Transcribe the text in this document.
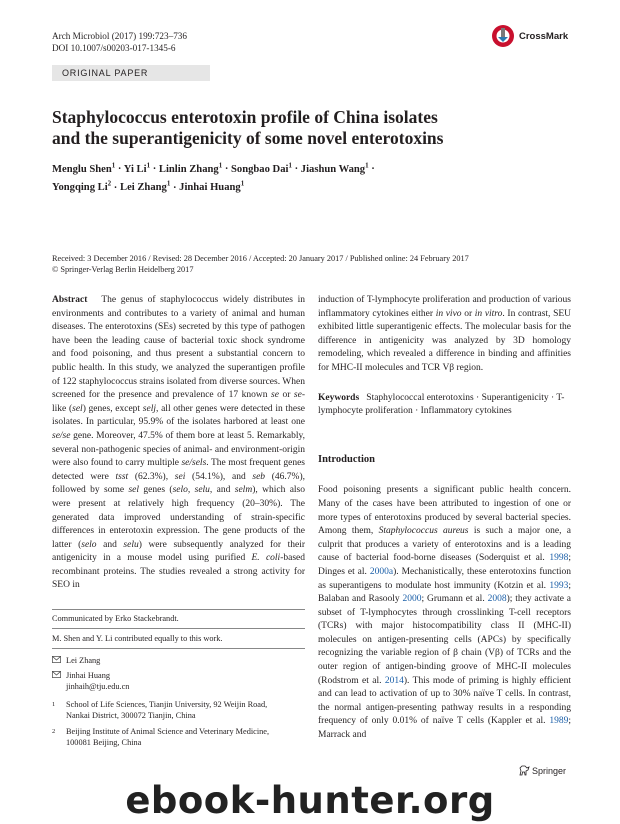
Arch Microbiol (2017) 199:723–736
DOI 10.1007/s00203-017-1345-6
CrossMark
ORIGINAL PAPER
Staphylococcus enterotoxin profile of China isolates
and the superantigenicity of some novel enterotoxins
Menglu Shen$^1$ · Yi $Li^1$ · Linlin Zhang$^1$ · Songbao Dai$^1$ · Jiashun Wang$^1$ ·
Yongqing $Li^2$ · Lei Zhang$^1$ · Jinhai Huang$^1$
Received: 3 December 2016 / Revised: 28 December 2016 / Accepted: 20 January 2017 / Published online: 24 February 2017
© Springer-Verlag Berlin Heidelberg 2017

Abstract The genus of staphylococcus widely distributes in environments and contributes to a variety of animal and human diseases. The enterotoxins (SEs) secreted by this type of pathogen have been the leading cause of bacterial toxic shock syndrome and food poisoning, and thus present a substantial concern to public health. In this study, we analyzed the superantigen profile of 122 staphylococcus strains isolated from diverse sources. When screened for the presence and prevalence of 17 known se or se-like (sel) genes, except selj, all other genes were detected in these isolates. In particular, 95.9% of the isolates harbored at least one se/se gene. Moreover, 47.5% of them bore at least 5. Remarkably, several non-pathogenic species of animal- and environment-origin were also found to carry multiple se/sels. The most frequent genes detected were tsst (62.3%), sei (54.1%), and seb (46.7%), followed by some sel genes (selo, selu, and selm), which also were present at relatively high frequency (20–30%). The generated data improved understanding of strain-specific differences in enterotoxin expression. The gene products of the latter (selo and selu) were subsequently analyzed for their antigenicity in a mouse model using purified E. coli-based recombinant proteins. The studies revealed a strong activity for SEO in

Communicated by Erko Stackebrandt.
M. Shen and Y. Li contributed equally to this work.
Lei Zhang
Jinhai Huang
jinhaih@tju.edu.cn
1	School of Life Sciences, Tianjin University, 92 Weijin Road,
Nankai District, 300072 Tianjin, China
2	Beijing Institute of Animal Science and Veterinary Medicine,
100081 Beijing, China

induction of T-lymphocyte proliferation and production of various inflammatory cytokines either in vivo or in vitro. In contrast, SEU exhibited little superantigenic effects. The molecular basis for the difference in antigenicity was analyzed by 3D homology remodeling, which revealed a difference in binding and affinities for MHC-II molecules and TCR Vβ region.

Keywords Staphylococcal enterotoxins · Superantigenicity · T-lymphocyte proliferation · Inflammatory cytokines

Introduction

Food poisoning presents a significant public health concern. Many of the cases have been attributed to ingestion of one or more types of enterotoxins produced by several bacterial species. Among them, Staphylococcus aureus is such a major one, a culprit that produces a variety of enterotoxins and is a leading cause of bacterial food-borne diseases (Soderquist et al. 1998; Dinges et al. 2000a). Mechanistically, these enterotoxins function as superantigens to modulate host immunity (Kotzin et al. 1993; Balaban and Rasooly 2000; Grumann et al. 2008); they activate a subset of T-lymphocytes through crosslinking T-cell receptors (TCRs) with major histocompatibility class II (MHC-II) molecules on antigen-presenting cells (APCs) by specifically recognizing the variable region of β chain (Vβ) of TCRs and the outer region of antigen-binding groove of MHC-II molecules (Rodstrom et al. 2014). This mode of priming is highly efficient and can lead to activation of up to 30% naïve T cells. In contrast, the normal antigen-presenting pathway results in a responding frequency of only 0.01% of naïve T cells (Kappler et al. 1989; Marrack and

Springer
ebook-hunter.org
